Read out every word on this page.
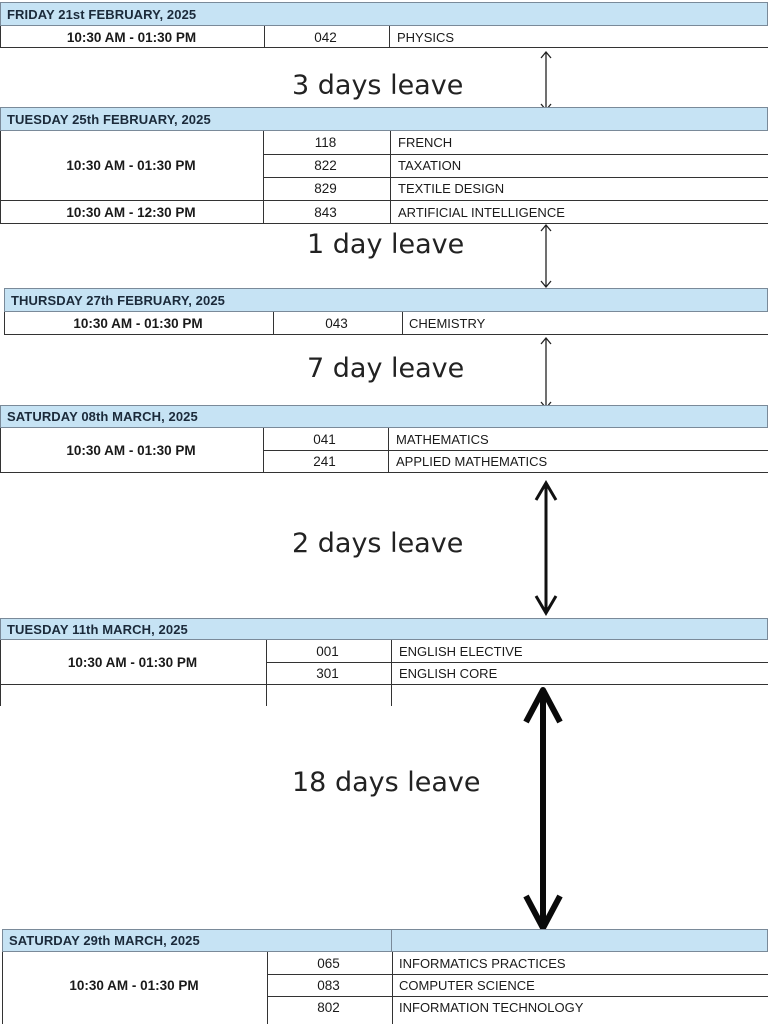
FRIDAY 21st FEBRUARY, 2025
10:30 AM - 01:30 PM	042	PHYSICS
3 days leave
TUESDAY 25th FEBRUARY, 2025
10:30 AM - 01:30 PM
118	FRENCH
822	TAXATION
829	TEXTILE DESIGN
10:30 AM - 12:30 PM	843	ARTIFICIAL INTELLIGENCE
1 day leave
THURSDAY 27th FEBRUARY, 2025
10:30 AM - 01:30 PM	043	CHEMISTRY
7 day leave
SATURDAY 08th MARCH, 2025
10:30 AM - 01:30 PM
041	MATHEMATICS
241	APPLIED MATHEMATICS
2 days leave
TUESDAY 11th MARCH, 2025
10:30 AM - 01:30 PM
001	ENGLISH ELECTIVE
301	ENGLISH CORE
18 days leave
SATURDAY 29th MARCH, 2025
10:30 AM - 01:30 PM
065	INFORMATICS PRACTICES
083	COMPUTER SCIENCE
802	INFORMATION TECHNOLOGY
